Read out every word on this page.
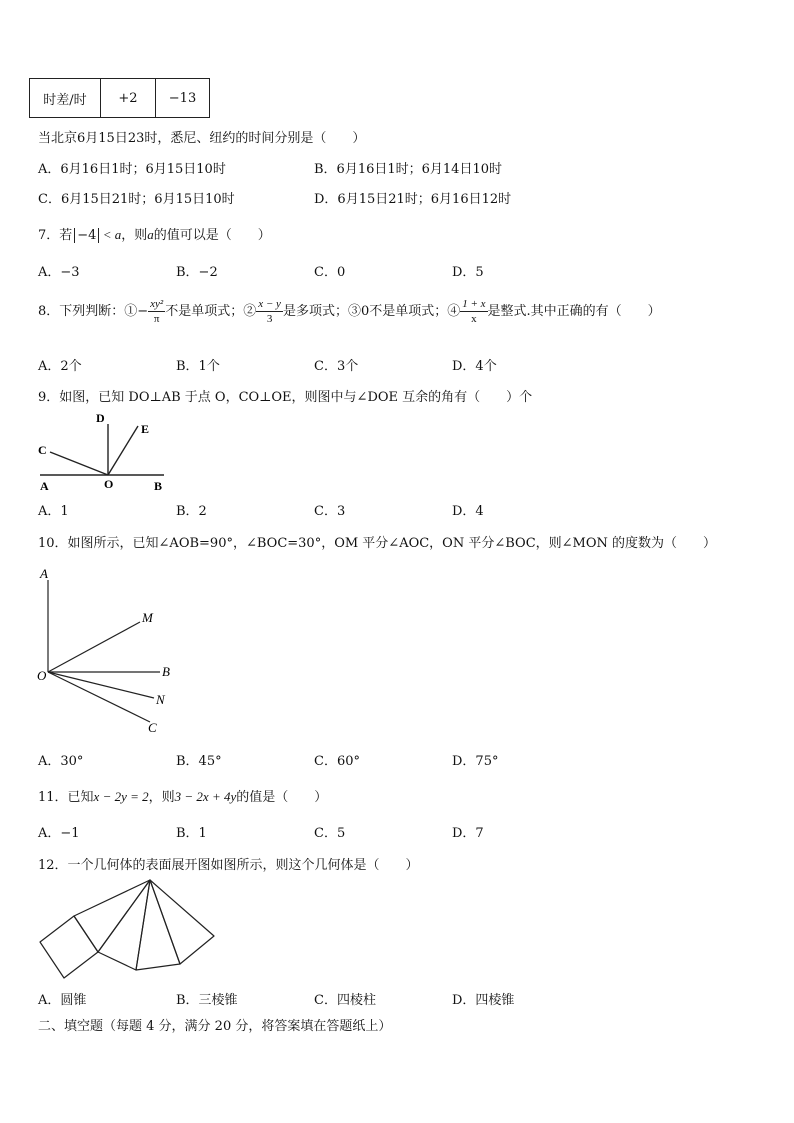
时差/时	+2	−13
当北京6月15日23时，悉尼、纽约的时间分别是（　　）
A．6月16日1时；6月15日10时	B．6月16日1时；6月14日10时
C．6月15日21时；6月15日10时	D．6月15日21时；6月16日12时
7．若 −4 < a，则a的值可以是（　　）
A．−3	B．−2	C．0	D．5
8．下列判断：①− $\frac{\text{xy²}}{\pi}$ 不是单项式；② $\frac{x - y}{3}$ 是多项式；③0不是单项式；④ $\frac{1 + x}{x}$ 是整式.其中正确的有（　　）
A．2个	B．1个	C．3个	D．4个
9．如图，已知 DO⊥AB 于点 O，CO⊥OE，则图中与∠DOE 互余的角有（　　）个
D
E
C
A	O	B
A．1	B．2	C．3	D．4
10．如图所示，已知∠AOB=90°，∠BOC=30°，OM 平分∠AOC，ON 平分∠BOC，则∠MON 的度数为（　　）
A
M
O	B
N
C
A．30°	B．45°	C．60°	D．75°
11．已知x − 2y = 2，则3 − 2x + 4y的值是（　　）
A．−1	B．1	C．5	D．7
12．一个几何体的表面展开图如图所示，则这个几何体是（　　）
A．圆锥	B．三棱锥	C．四棱柱	D．四棱锥
二、填空题（每题 4 分，满分 20 分，将答案填在答题纸上）
